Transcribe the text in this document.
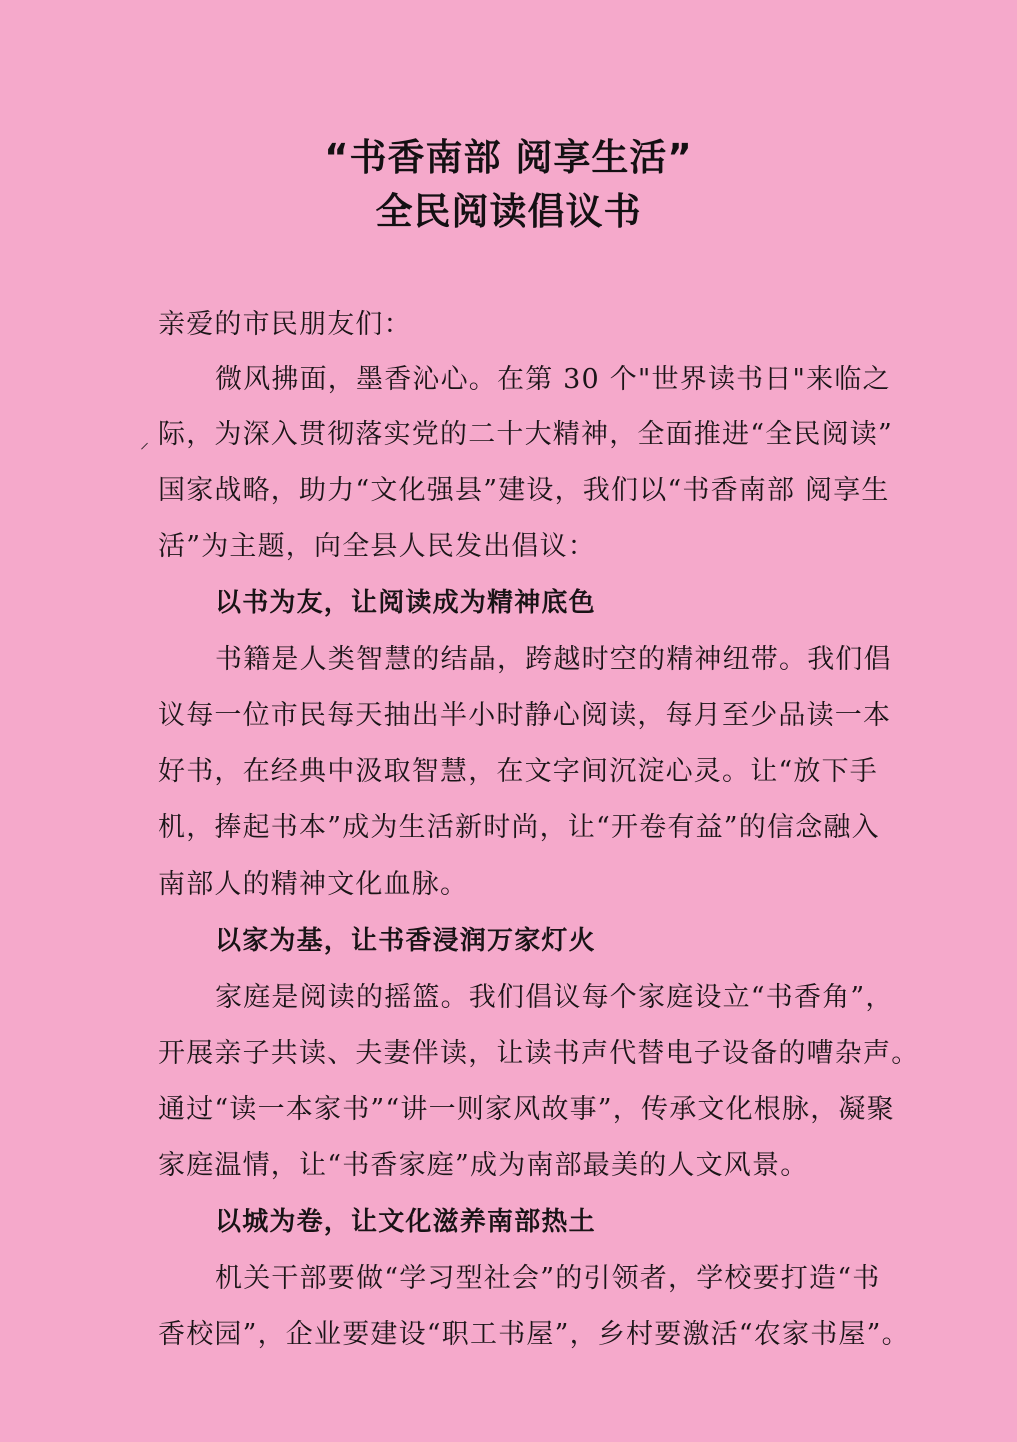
“书香南部 阅享生活”
全民阅读倡议书
亲爱的市民朋友们：
微风拂面，墨香沁心。在第 30 个"世界读书日"来临之
⸝ 际，为深入贯彻落实党的二十大精神，全面推进“全民阅读”
国家战略，助力“文化强县”建设，我们以“书香南部 阅享生
活”为主题，向全县人民发出倡议：
以书为友，让阅读成为精神底色
书籍是人类智慧的结晶，跨越时空的精神纽带。我们倡
议每一位市民每天抽出半小时静心阅读，每月至少品读一本
好书，在经典中汲取智慧，在文字间沉淀心灵。让“放下手
机，捧起书本”成为生活新时尚，让“开卷有益”的信念融入
南部人的精神文化血脉。
以家为基，让书香浸润万家灯火
家庭是阅读的摇篮。我们倡议每个家庭设立“书香角”，
开展亲子共读、夫妻伴读，让读书声代替电子设备的嘈杂声。
通过“读一本家书”“讲一则家风故事”，传承文化根脉，凝聚
家庭温情，让“书香家庭”成为南部最美的人文风景。
以城为卷，让文化滋养南部热土
机关干部要做“学习型社会”的引领者，学校要打造“书
香校园”，企业要建设“职工书屋”，乡村要激活“农家书屋”。
